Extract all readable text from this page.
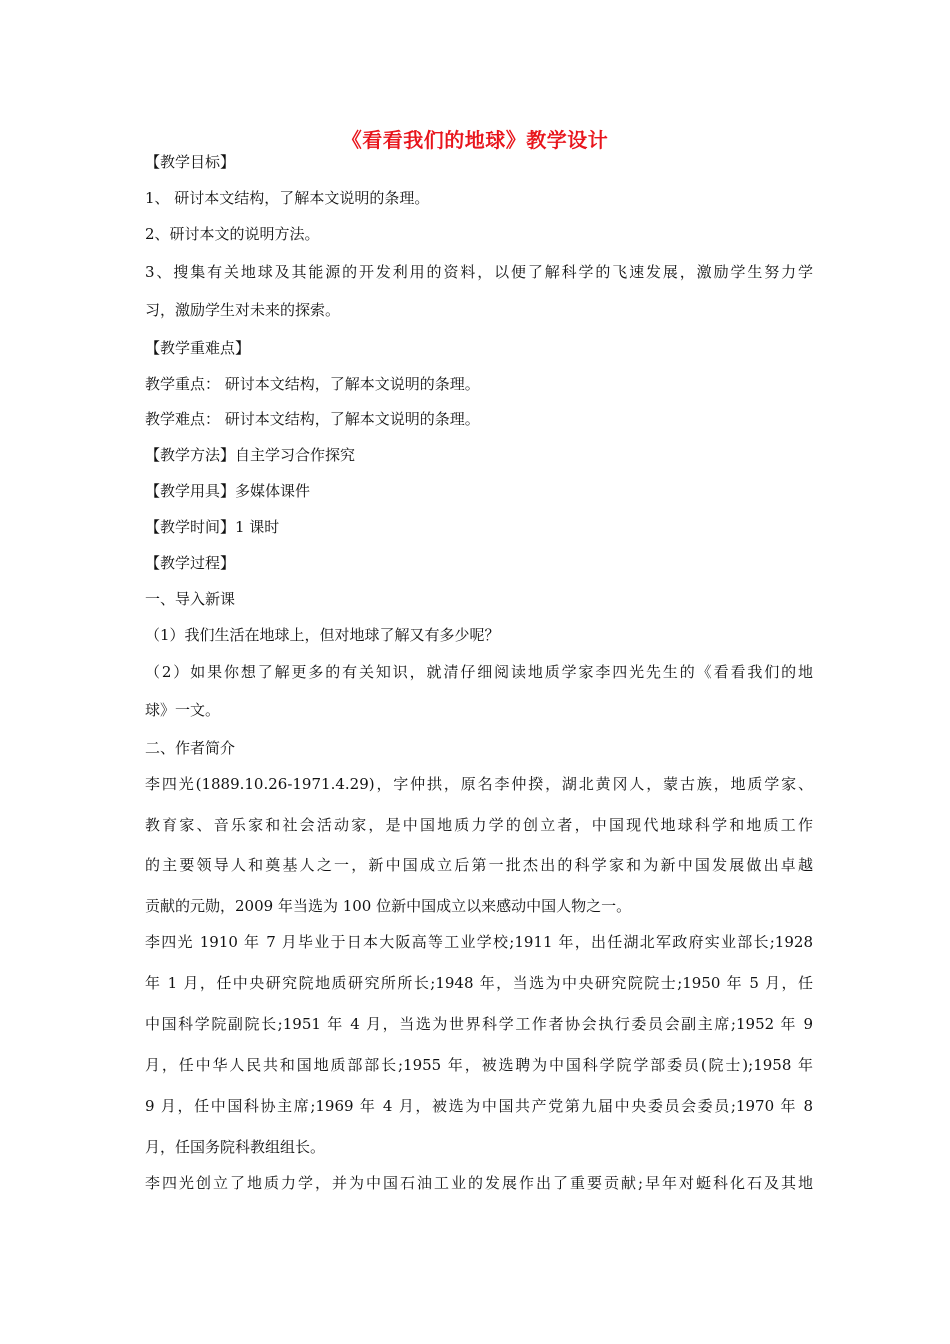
《看看我们的地球》教学设计
【教学目标】
1、 研讨本文结构，了解本文说明的条理。
2、研讨本文的说明方法。
3、搜集有关地球及其能源的开发利用的资料，以便了解科学的飞速发展，激励学生努力学
习，激励学生对未来的探索。
【教学重难点】
教学重点： 研讨本文结构，了解本文说明的条理。
教学难点： 研讨本文结构，了解本文说明的条理。
【教学方法】自主学习合作探究
【教学用具】多媒体课件
【教学时间】1 课时
【教学过程】
一、导入新课
（1）我们生活在地球上，但对地球了解又有多少呢？
（2）如果你想了解更多的有关知识，就清仔细阅读地质学家李四光先生的《看看我们的地
球》一文。
二、作者简介
李四光(1889.10.26-1971.4.29)，字仲拱，原名李仲揆，湖北黄冈人，蒙古族，地质学家、
教育家、音乐家和社会活动家，是中国地质力学的创立者，中国现代地球科学和地质工作
的主要领导人和奠基人之一，新中国成立后第一批杰出的科学家和为新中国发展做出卓越
贡献的元勋，2009 年当选为 100 位新中国成立以来感动中国人物之一。
李四光 1910 年 7 月毕业于日本大阪高等工业学校;1911 年，出任湖北军政府实业部长;1928
年 1 月，任中央研究院地质研究所所长;1948 年，当选为中央研究院院士;1950 年 5 月，任
中国科学院副院长;1951 年 4 月，当选为世界科学工作者协会执行委员会副主席;1952 年 9
月，任中华人民共和国地质部部长;1955 年，被选聘为中国科学院学部委员(院士);1958 年
9 月，任中国科协主席;1969 年 4 月，被选为中国共产党第九届中央委员会委员;1970 年 8
月，任国务院科教组组长。
李四光创立了地质力学，并为中国石油工业的发展作出了重要贡献;早年对蜓科化石及其地
